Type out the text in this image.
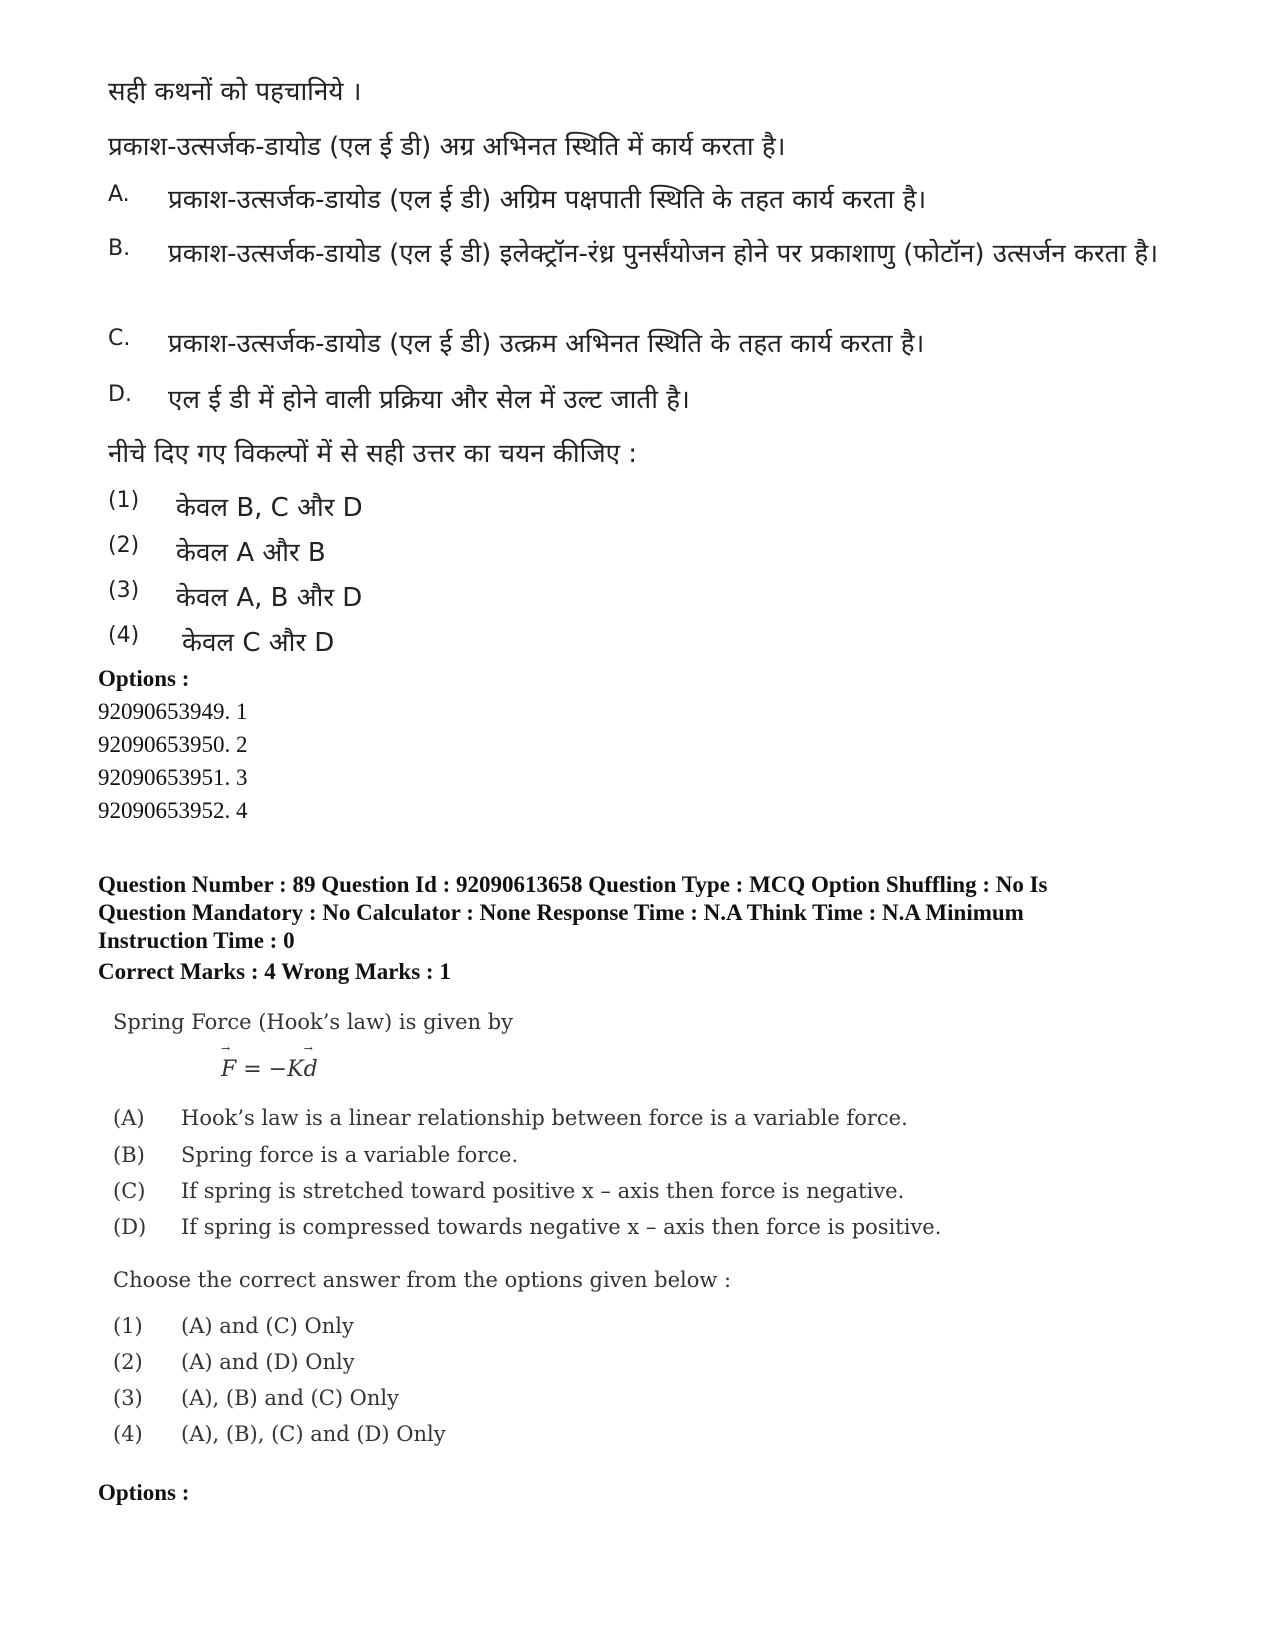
सही कथनों को पहचानिये ।

प्रकाश-उत्सर्जक-डायोड (एल ई डी) अग्र अभिनत स्थिति में कार्य करता है।

A.	प्रकाश-उत्सर्जक-डायोड (एल ई डी) अग्रिम पक्षपाती स्थिति के तहत कार्य करता है।
B.	प्रकाश-उत्सर्जक-डायोड (एल ई डी) इलेक्ट्रॉन-रंध्र पुनर्संयोजन होने पर प्रकाशाणु (फोटॉन) उत्सर्जन करता है।
C.	प्रकाश-उत्सर्जक-डायोड (एल ई डी) उत्क्रम अभिनत स्थिति के तहत कार्य करता है।
D.	एल ई डी में होने वाली प्रक्रिया और सेल में उल्ट जाती है।

नीचे दिए गए विकल्पों में से सही उत्तर का चयन कीजिए :

(1) केवल B, C और D
(2) केवल A और B
(3) केवल A, B और D
(4) केवल C और D
Options :
92090653949. 1
92090653950. 2
92090653951. 3
92090653952. 4
Question Number : 89 Question Id : 92090613658 Question Type : MCQ Option Shuffling : No Is
Question Mandatory : No Calculator : None Response Time : N.A Think Time : N.A Minimum
Instruction Time : 0
Correct Marks : 4 Wrong Marks : 1
Spring Force (Hook’s law) is given by
→ F = −K→ d
(A) Hook’s law is a linear relationship between force is a variable force.
(B) Spring force is a variable force.
(C) If spring is stretched toward positive x – axis then force is negative.
(D) If spring is compressed towards negative x – axis then force is positive.
Choose the correct answer from the options given below :
(1) (A) and (C) Only
(2) (A) and (D) Only
(3) (A), (B) and (C) Only
(4) (A), (B), (C) and (D) Only
Options :
